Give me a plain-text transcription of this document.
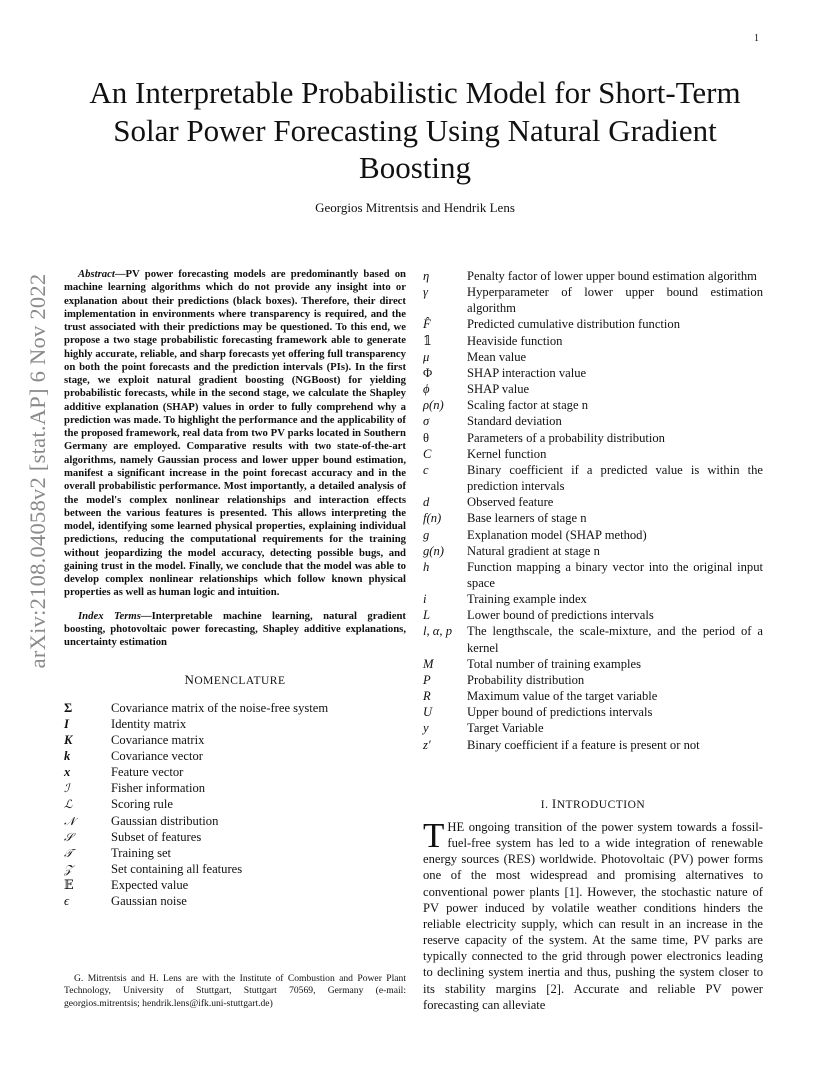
1
arXiv:2108.04058v2 [stat.AP] 6 Nov 2022
An Interpretable Probabilistic Model for Short-Term Solar Power Forecasting Using Natural Gradient Boosting
Georgios Mitrentsis and Hendrik Lens

Abstract—PV power forecasting models are predominantly based on machine learning algorithms which do not provide any insight into or explanation about their predictions (black boxes). Therefore, their direct implementation in environments where transparency is required, and the trust associated with their predictions may be questioned. To this end, we propose a two stage probabilistic forecasting framework able to generate highly accurate, reliable, and sharp forecasts yet offering full transparency on both the point forecasts and the prediction intervals (PIs). In the first stage, we exploit natural gradient boosting (NGBoost) for yielding probabilistic forecasts, while in the second stage, we calculate the Shapley additive explanation (SHAP) values in order to fully comprehend why a prediction was made. To highlight the performance and the applicability of the proposed framework, real data from two PV parks located in Southern Germany are employed. Comparative results with two state-of-the-art algorithms, namely Gaussian process and lower upper bound estimation, manifest a significant increase in the point forecast accuracy and in the overall probabilistic performance. Most importantly, a detailed analysis of the model's complex nonlinear relationships and interaction effects between the various features is presented. This allows interpreting the model, identifying some learned physical properties, explaining individual predictions, reducing the computational requirements for the training without jeopardizing the model accuracy, detecting possible bugs, and gaining trust in the model. Finally, we conclude that the model was able to develop complex nonlinear relationships which follow known physical properties as well as human logic and intuition.

Index Terms—Interpretable machine learning, natural gradient boosting, photovoltaic power forecasting, Shapley additive explanations, uncertainty estimation

NOMENCLATURE
Σ	Covariance matrix of the noise-free system
I	Identity matrix
K	Covariance matrix
k	Covariance vector
x	Feature vector
ℐ	Fisher information
ℒ	Scoring rule
𝒩	Gaussian distribution
𝒮	Subset of features
𝒯	Training set
𝒵	Set containing all features
𝔼	Expected value
ϵ	Gaussian noise
G. Mitrentsis and H. Lens are with the Institute of Combustion and Power Plant Technology, University of Stuttgart, Stuttgart 70569, Germany (e-mail: georgios.mitrentsis; hendrik.lens@ifk.uni-stuttgart.de)
η	Penalty factor of lower upper bound estimation algorithm
γ	Hyperparameter of lower upper bound estimation algorithm
F̂	Predicted cumulative distribution function
𝟙	Heaviside function
μ	Mean value
Φ	SHAP interaction value
ϕ	SHAP value
ρ(n)	Scaling factor at stage n
σ	Standard deviation
θ	Parameters of a probability distribution
C	Kernel function
c	Binary coefficient if a predicted value is within the prediction intervals
d	Observed feature
f(n)	Base learners of stage n
g	Explanation model (SHAP method)
g(n)	Natural gradient at stage n
h	Function mapping a binary vector into the original input space
i	Training example index
L	Lower bound of predictions intervals
l, α, p	The lengthscale, the scale-mixture, and the period of a kernel
M	Total number of training examples
P	Probability distribution
R	Maximum value of the target variable
U	Upper bound of predictions intervals
y	Target Variable
z′	Binary coefficient if a feature is present or not
I. INTRODUCTION

THE ongoing transition of the power system towards a fossil-fuel-free system has led to a wide integration of renewable energy sources (RES) worldwide. Photovoltaic (PV) power forms one of the most widespread and promising alternatives to conventional power plants [1]. However, the stochastic nature of PV power induced by volatile weather conditions hinders the reliable electricity supply, which can result in an increase in the reserve capacity of the system. At the same time, PV parks are typically connected to the grid through power electronics leading to declining system inertia and thus, pushing the system closer to its stability margins [2]. Accurate and reliable PV power forecasting can alleviate
